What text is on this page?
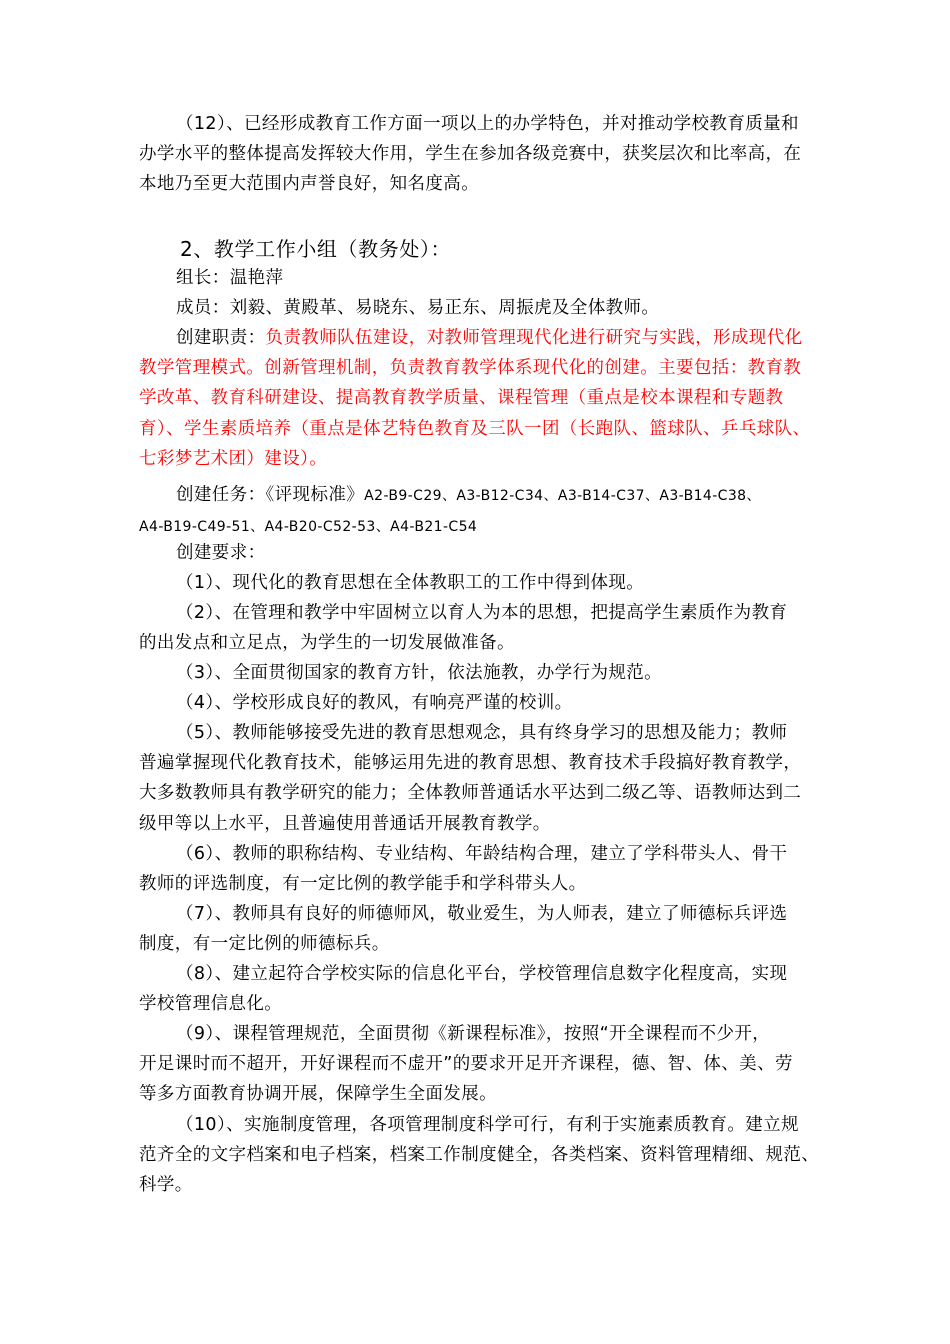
（12）、已经形成教育工作方面一项以上的办学特色，并对推动学校教育质量和
办学水平的整体提高发挥较大作用，学生在参加各级竞赛中，获奖层次和比率高，在
本地乃至更大范围内声誉良好，知名度高。
2、教学工作小组（教务处）：
组长：温艳萍
成员：刘毅、黄殿革、易晓东、易正东、周振虎及全体教师。
创建职责：负责教师队伍建设，对教师管理现代化进行研究与实践，形成现代化
教学管理模式。创新管理机制，负责教育教学体系现代化的创建。主要包括：教育教
学改革、教育科研建设、提高教育教学质量、课程管理（重点是校本课程和专题教
育）、学生素质培养（重点是体艺特色教育及三队一团（长跑队、篮球队、乒乓球队、
七彩梦艺术团）建设）。
创建任务：《评现标准》A2-B9-C29、A3-B12-C34、A3-B14-C37、A3-B14-C38、
A4-B19-C49-51、A4-B20-C52-53、A4-B21-C54
创建要求：
（1）、现代化的教育思想在全体教职工的工作中得到体现。
（2）、在管理和教学中牢固树立以育人为本的思想，把提高学生素质作为教育
的出发点和立足点，为学生的一切发展做准备。
（3）、全面贯彻国家的教育方针，依法施教，办学行为规范。
（4）、学校形成良好的教风，有响亮严谨的校训。
（5）、教师能够接受先进的教育思想观念，具有终身学习的思想及能力；教师
普遍掌握现代化教育技术，能够运用先进的教育思想、教育技术手段搞好教育教学，
大多数教师具有教学研究的能力；全体教师普通话水平达到二级乙等、语教师达到二
级甲等以上水平，且普遍使用普通话开展教育教学。
（6）、教师的职称结构、专业结构、年龄结构合理，建立了学科带头人、骨干
教师的评选制度，有一定比例的教学能手和学科带头人。
（7）、教师具有良好的师德师风，敬业爱生，为人师表，建立了师德标兵评选
制度，有一定比例的师德标兵。
（8）、建立起符合学校实际的信息化平台，学校管理信息数字化程度高，实现
学校管理信息化。
（9）、课程管理规范，全面贯彻《新课程标准》，按照“开全课程而不少开，
开足课时而不超开，开好课程而不虚开”的要求开足开齐课程，德、智、体、美、劳
等多方面教育协调开展，保障学生全面发展。
（10）、实施制度管理，各项管理制度科学可行，有利于实施素质教育。建立规
范齐全的文字档案和电子档案，档案工作制度健全，各类档案、资料管理精细、规范、
科学。
